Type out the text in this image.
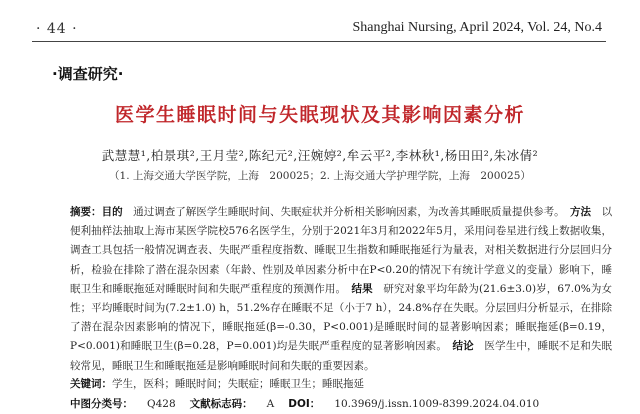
· 44 ·	Shanghai Nursing, April 2024, Vol. 24, No.4
·调查研究·
医学生睡眠时间与失眠现状及其影响因素分析
武慧慧¹,柏景琪²,王月莹²,陈纪元²,汪婉婷²,牟云平²,李林秋¹,杨田田²,朱冰倩²
（1. 上海交通大学医学院，上海　200025；2. 上海交通大学护理学院，上海　200025）
摘要：目的　 通过调查了解医学生睡眠时间、失眠症状并分析相关影响因素，为改善其睡眠质量提供参考。　 方法　 以便利抽样法抽取上海市某医学院校576名医学生，分别于2021年3月和2022年5月，采用问卷星进行线上数据收集，调查工具包括一般情况调查表、失眠严重程度指数、睡眠卫生指数和睡眠拖延行为量表，对相关数据进行分层回归分析，检验在排除了潜在混杂因素（年龄、性别及单因素分析中在P<0.20的情况下有统计学意义的变量）影响下，睡眠卫生和睡眠拖延对睡眠时间和失眠严重程度的预测作用。　 结果　 研究对象平均年龄为(21.6±3.0)岁，67.0%为女性；平均睡眠时间为(7.2±1.0) h，51.2%存在睡眠不足（小于7 h），24.8%存在失眠。分层回归分析显示，在排除了潜在混杂因素影响的情况下，睡眠拖延(β=-0.30，P<0.001)是睡眠时间的显著影响因素；睡眠拖延(β=0.19，P<0.001)和睡眠卫生(β=0.28，P=0.001)均是失眠严重程度的显著影响因素。　 结论　 医学生中，睡眠不足和失眠较常见，睡眠卫生和睡眠拖延是影响睡眠时间和失眠的重要因素。
关键词：学生，医科；睡眠时间；失眠症；睡眠卫生；睡眠拖延
中图分类号： Q428 文献标志码： A DOI： 10.3969/j.issn.1009-8399.2024.04.010
